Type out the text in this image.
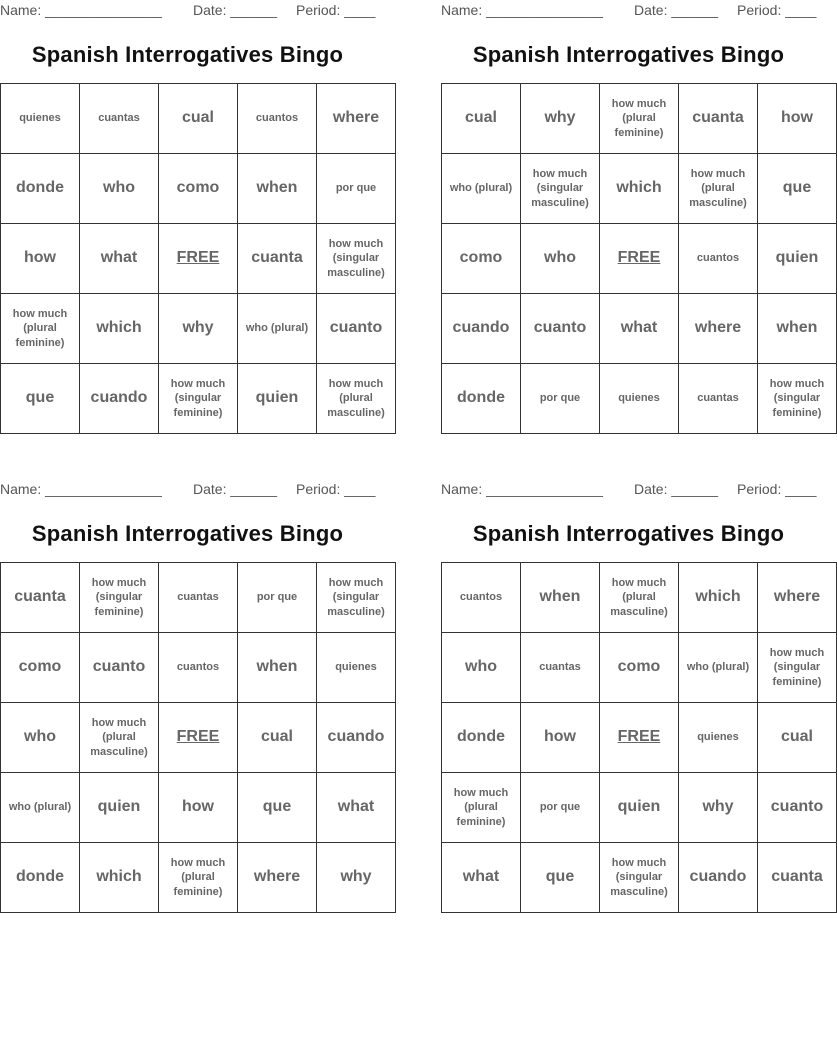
Name: _______________ Date: ______ Period: ____
Spanish Interrogatives Bingo
quienes	cuantas	cual	cuantos	where
donde	who	como	when	por que
how	what	FREE	cuanta	how much (singular masculine)
how much (plural feminine)	which	why	who (plural)	cuanto
que	cuando	how much (singular feminine)	quien	how much (plural masculine)
Name: _______________ Date: ______ Period: ____
Spanish Interrogatives Bingo
cual	why	how much (plural feminine)	cuanta	how
who (plural)	how much (singular masculine)	which	how much (plural masculine)	que
como	who	FREE	cuantos	quien
cuando	cuanto	what	where	when
donde	por que	quienes	cuantas	how much (singular feminine)
Name: _______________ Date: ______ Period: ____
Spanish Interrogatives Bingo
cuanta	how much (singular feminine)	cuantas	por que	how much (singular masculine)
como	cuanto	cuantos	when	quienes
who	how much (plural masculine)	FREE	cual	cuando
who (plural)	quien	how	que	what
donde	which	how much (plural feminine)	where	why
Name: _______________ Date: ______ Period: ____
Spanish Interrogatives Bingo
cuantos	when	how much (plural masculine)	which	where
who	cuantas	como	who (plural)	how much (singular feminine)
donde	how	FREE	quienes	cual
how much (plural feminine)	por que	quien	why	cuanto
what	que	how much (singular masculine)	cuando	cuanta
